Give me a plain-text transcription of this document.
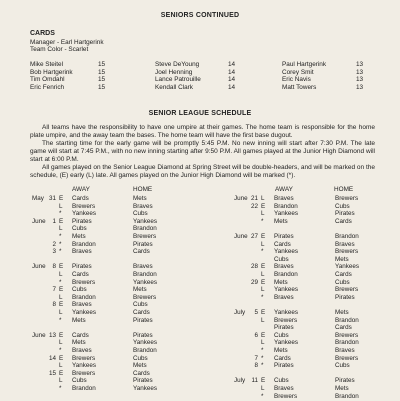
SENIORS CONTINUED
CARDS
Manager - Earl Hartgerink
Team Color - Scarlet
Mike Steitel	15
Bob Hartgerink	15
Tim Omdahl	15
Eric Fenrich	15
Steve DeYoung	14
Joel Henning	14
Lance Patrouille	14
Kendall Clark	14
Paul Hartgerink	13
Corey Smit	13
Eric Navis	13
Matt Towers	13
SENIOR LEAGUE SCHEDULE
All teams have the responsibility to have one umpire at their games. The home team is responsible for the home plate umpire, and the away team the bases. The home team will have the first base dugout.
The starting time for the early game will be promptly 5:45 P.M. No new inning will start after 7:30 P.M. The late game will start at 7:45 P.M., with no new inning starting after 9:50 P.M. All games played at the Junior High Diamond will start at 6:00 P.M.
All games played on the Senior League Diamond at Spring Street will be double-headers, and will be marked on the schedule, (E) early (L) late. All games played on the Junior High Diamond will be marked (*).
AWAY	HOME	AWAY	HOME
May 31 E Cards	Mets
L Brewers	Braves
* Yankees	Cubs
June	1 E Pirates	Yankees
L Cubs	Brandon
* Mets	Brewers
2 * Brandon	Pirates
3 * Braves	Cards
June	8 E Pirates	Braves
L Cards	Brandon
* Brewers	Yankees
7 E Cubs	Mets
L Brandon	Brewers
8 E Braves	Cubs
L Yankees	Cards
* Mets	Pirates
June 13 E Cards	Pirates
L Mets	Yankees
* Braves	Brandon
14 E Brewers	Cubs
L Yankees	Mets
15 E Brewers	Cards
L Cubs	Pirates
* Brandon	Yankees
June 21 L Braves	Brewers
22 E Brandon	Cubs
L Yankees	Pirates
* Mets	Cards
June 27 E Pirates	Brandon
L Cards	Braves
* Yankees	Brewers
Cubs	Mets
28 E Braves	Yankees
L Brandon	Cards
29 E Mets	Cubs
L Yankees	Brewers
* Braves	Pirates
July	5 E Yankees	Mets
L Brewers	Brandon
Pirates	Cards
6 E Cubs	Brewers
L Yankees	Brandon
* Mets	Braves
7 * Cards	Brewers
8 * Pirates	Cubs
July 11 E Cubs	Pirates
L Braves	Mets
* Brewers	Brandon
